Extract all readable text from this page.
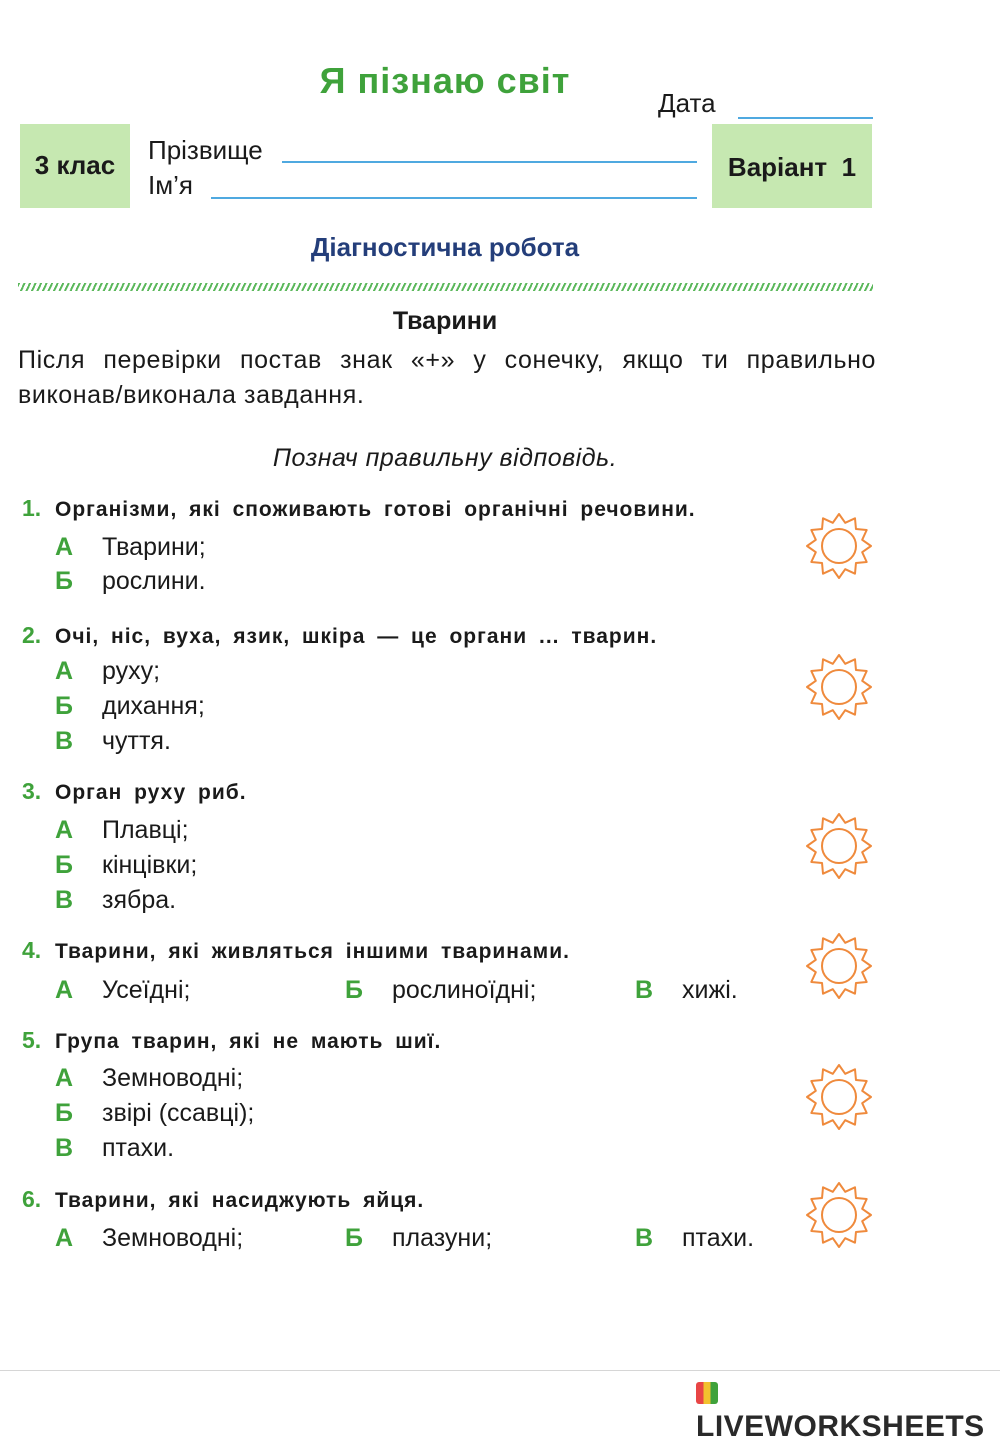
Я пізнаю світ
Дата
3 клас	Прізвище
Ім’я
Варіант  1
Діагностична робота
Тварини
Після перевірки постав знак «+» у сонечку, якщо ти правильно виконав/виконала завдання.
Познач правильну відповідь.
1. Організми, які споживають готові органічні речовини.
А Тварини;
Б рослини.
2. Очі, ніс, вуха, язик, шкіра — це органи ... тварин.
А руху;
Б дихання;
В чуття.
3. Орган руху риб.
А Плавці;
Б кінцівки;
В зябра.
4. Тварини, які живляться іншими тваринами.
А Усеїдні;	Б рослиноїдні;	В хижі.
5. Група тварин, які не мають шиї.
А Земноводні;
Б звірі (ссавці);
В птахи.
6. Тварини, які насиджують яйця.
А Земноводні;	Б плазуни;	В птахи.
LIVEWORKSHEETS
